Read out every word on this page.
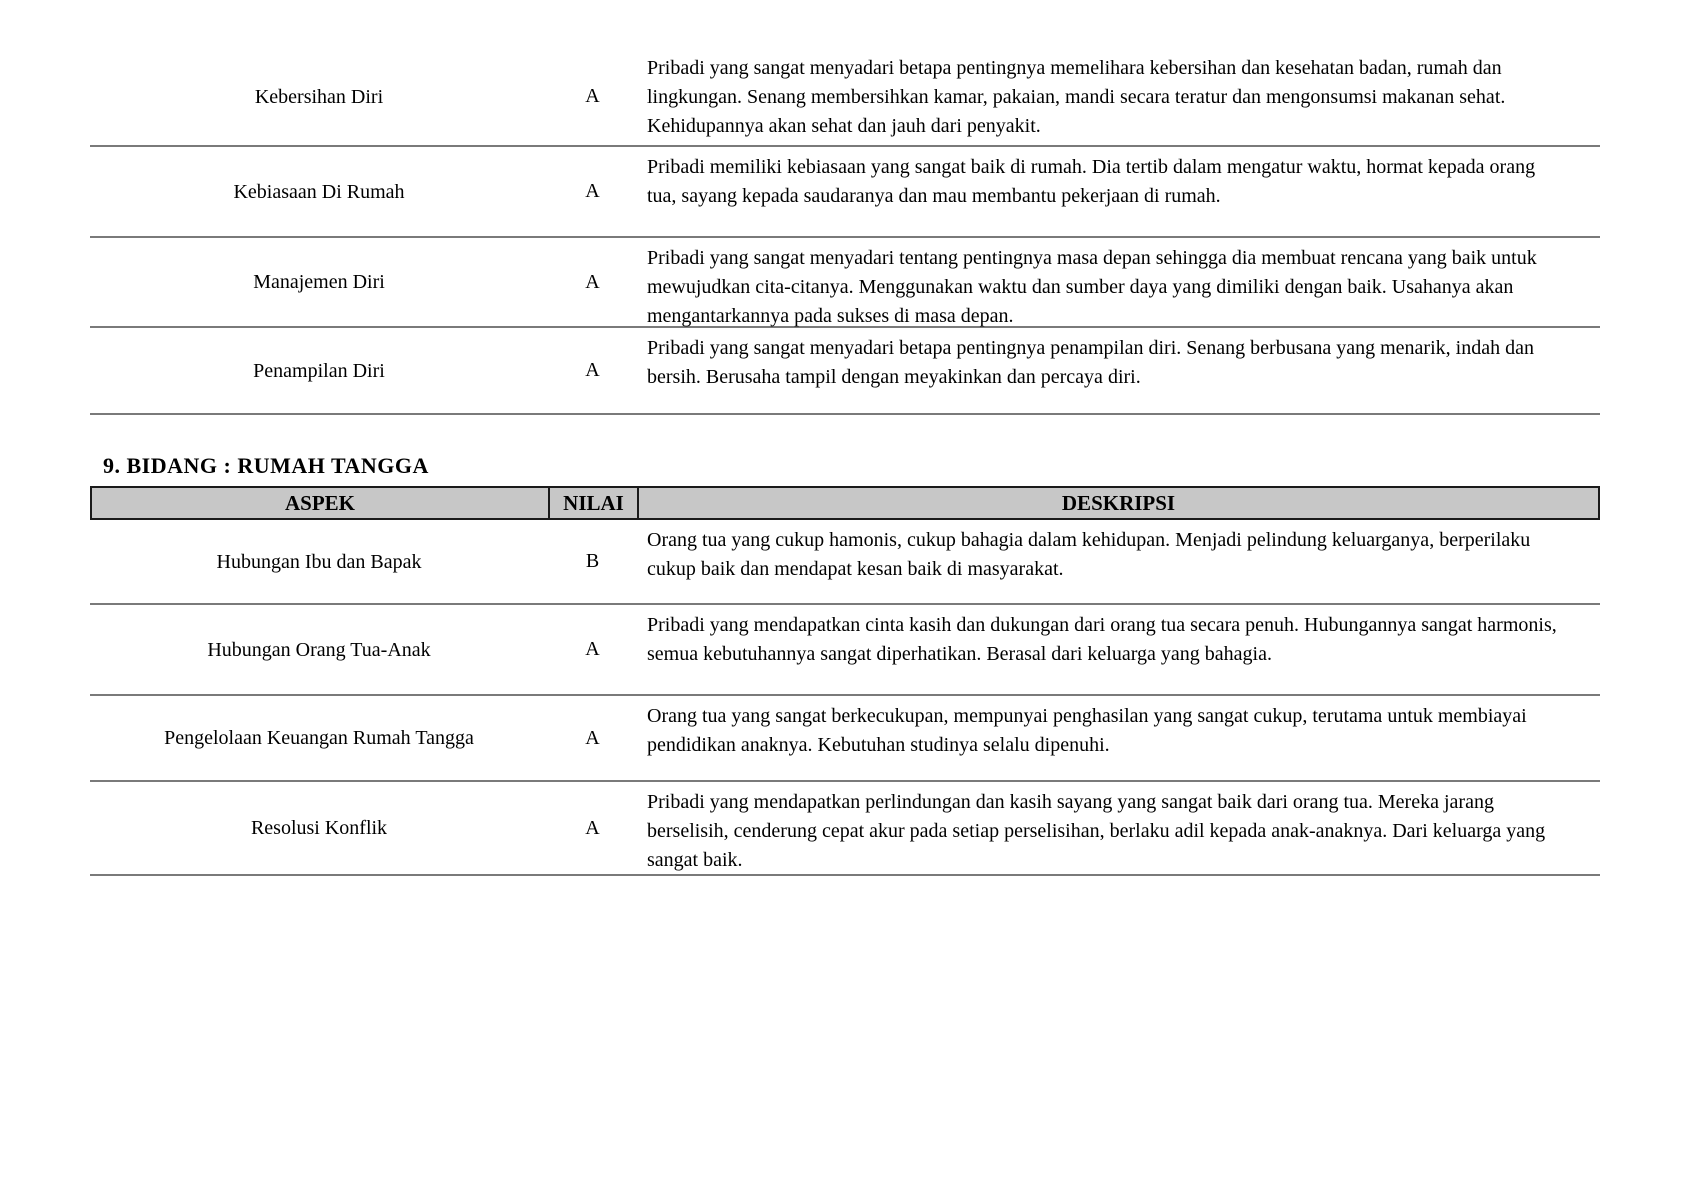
Kebersihan Diri	A
Pribadi yang sangat menyadari betapa pentingnya memelihara kebersihan dan kesehatan badan, rumah dan lingkungan. Senang membersihkan kamar, pakaian, mandi secara teratur dan mengonsumsi makanan sehat. Kehidupannya akan sehat dan jauh dari penyakit.
Kebiasaan Di Rumah	A
Pribadi memiliki kebiasaan yang sangat baik di rumah. Dia tertib dalam mengatur waktu, hormat kepada orang tua, sayang kepada saudaranya dan mau membantu pekerjaan di rumah.
Manajemen Diri	A
Pribadi yang sangat menyadari tentang pentingnya masa depan sehingga dia membuat rencana yang baik untuk mewujudkan cita-citanya. Menggunakan waktu dan sumber daya yang dimiliki dengan baik. Usahanya akan mengantarkannya pada sukses di masa depan.
Penampilan Diri	A
Pribadi yang sangat menyadari betapa pentingnya penampilan diri. Senang berbusana yang menarik, indah dan bersih. Berusaha tampil dengan meyakinkan dan percaya diri.
9. BIDANG : RUMAH TANGGA
ASPEK	NILAI	DESKRIPSI
Hubungan Ibu dan Bapak	B
Orang tua yang cukup hamonis, cukup bahagia dalam kehidupan. Menjadi pelindung keluarganya, berperilaku cukup baik dan mendapat kesan baik di masyarakat.
Hubungan Orang Tua-Anak	A
Pribadi yang mendapatkan cinta kasih dan dukungan dari orang tua secara penuh. Hubungannya sangat harmonis, semua kebutuhannya sangat diperhatikan. Berasal dari keluarga yang bahagia.
Pengelolaan Keuangan Rumah Tangga	A
Orang tua yang sangat berkecukupan, mempunyai penghasilan yang sangat cukup, terutama untuk membiayai pendidikan anaknya. Kebutuhan studinya selalu dipenuhi.
Resolusi Konflik	A
Pribadi yang mendapatkan perlindungan dan kasih sayang yang sangat baik dari orang tua. Mereka jarang berselisih, cenderung cepat akur pada setiap perselisihan, berlaku adil kepada anak-anaknya. Dari keluarga yang sangat baik.
